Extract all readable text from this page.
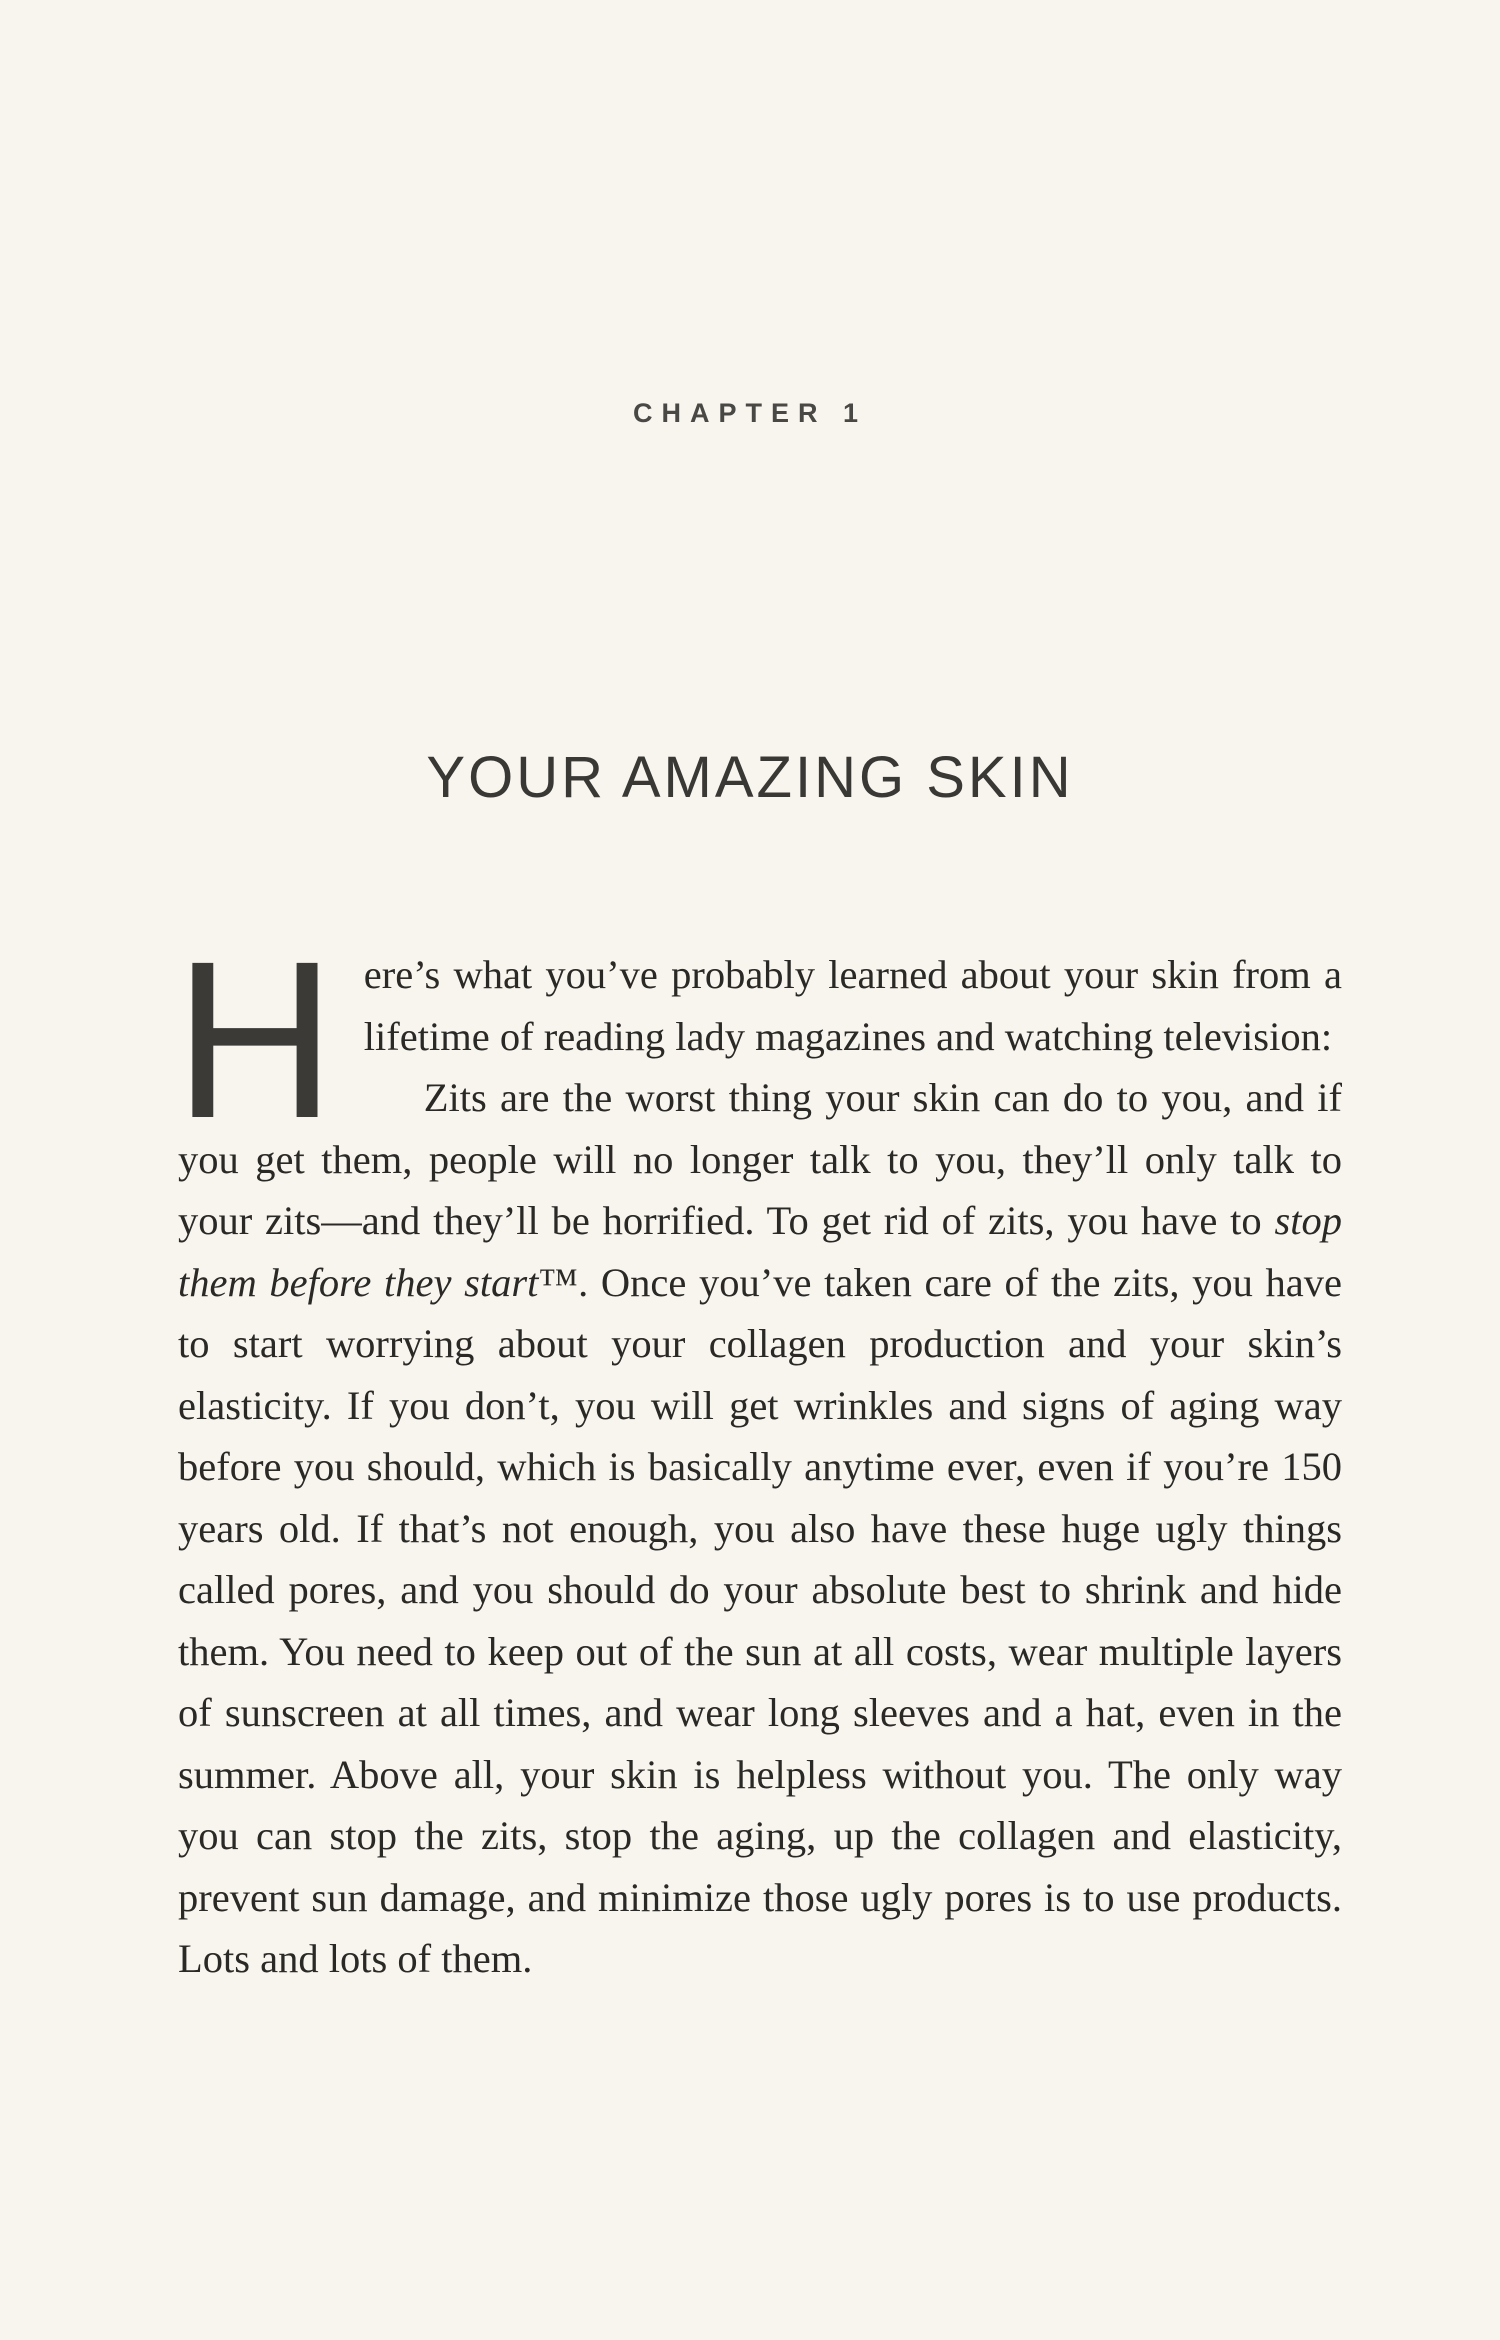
CHAPTER 1
YOUR AMAZING SKIN

Here’s what you’ve probably learned about your skin from a lifetime of reading lady magazines and watching television:

Zits are the worst thing your skin can do to you, and if you get them, people will no longer talk to you, they’ll only talk to your zits—and they’ll be horrified. To get rid of zits, you have to stop them before they start™. Once you’ve taken care of the zits, you have to start worrying about your collagen production and your skin’s elasticity. If you don’t, you will get wrinkles and signs of aging way before you should, which is basically anytime ever, even if you’re 150 years old. If that’s not enough, you also have these huge ugly things called pores, and you should do your absolute best to shrink and hide them. You need to keep out of the sun at all costs, wear multiple layers of sunscreen at all times, and wear long sleeves and a hat, even in the summer. Above all, your skin is helpless without you. The only way you can stop the zits, stop the aging, up the collagen and elasticity, prevent sun damage, and minimize those ugly pores is to use products. Lots and lots of them.
